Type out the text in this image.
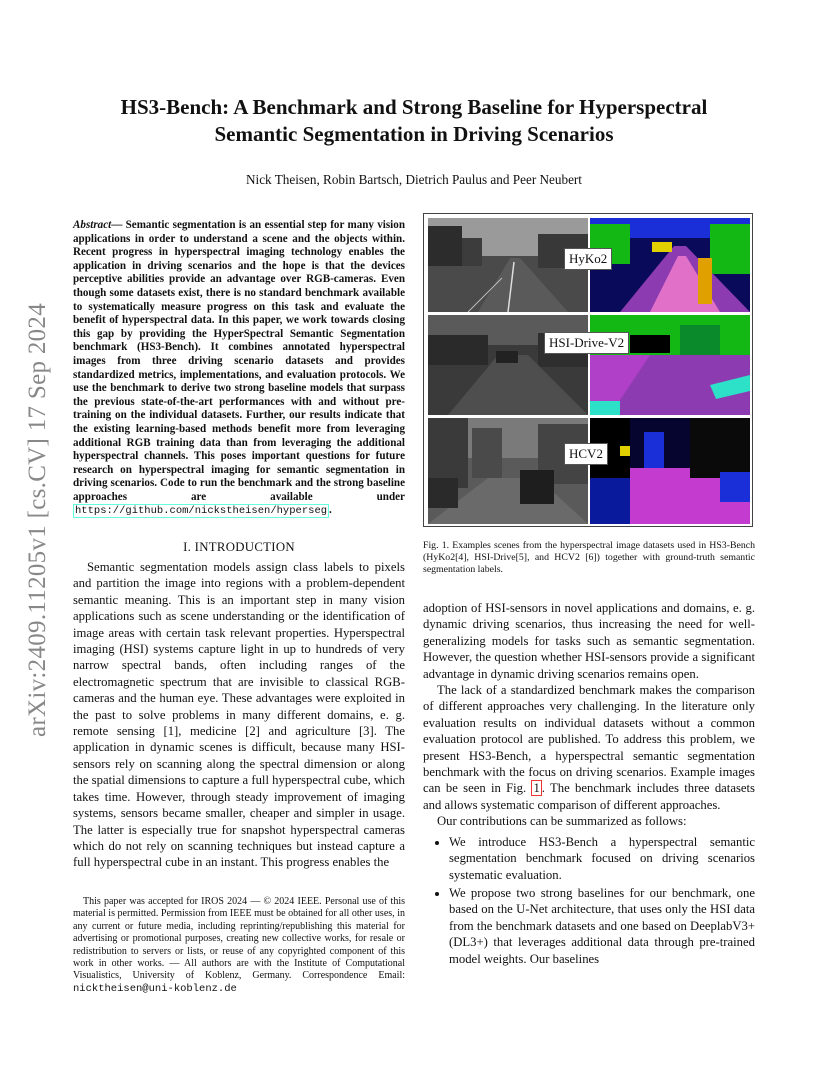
arXiv:2409.11205v1 [cs.CV] 17 Sep 2024
HS3-Bench: A Benchmark and Strong Baseline for Hyperspectral
Semantic Segmentation in Driving Scenarios
Nick Theisen, Robin Bartsch, Dietrich Paulus and Peer Neubert
Abstract— Semantic segmentation is an essential step for many vision applications in order to understand a scene and the objects within. Recent progress in hyperspectral imaging technology enables the application in driving scenarios and the hope is that the devices perceptive abilities provide an advantage over RGB-cameras. Even though some datasets exist, there is no standard benchmark available to systematically measure progress on this task and evaluate the benefit of hyperspectral data. In this paper, we work towards closing this gap by providing the HyperSpectral Semantic Segmentation benchmark (HS3-Bench). It combines annotated hyperspectral images from three driving scenario datasets and provides standardized metrics, implementations, and evaluation protocols. We use the benchmark to derive two strong baseline models that surpass the previous state-of-the-art performances with and without pre-training on the individual datasets. Further, our results indicate that the existing learning-based methods benefit more from leveraging additional RGB training data than from leveraging the additional hyperspectral channels. This poses important questions for future research on hyperspectral imaging for semantic segmentation in driving scenarios. Code to run the benchmark and the strong baseline approaches are available under https://github.com/nickstheisen/hyperseg .
I. INTRODUCTION

Semantic segmentation models assign class labels to pixels and partition the image into regions with a problem-dependent semantic meaning. This is an important step in many vision applications such as scene understanding or the identification of image areas with certain task relevant properties. Hyperspectral imaging (HSI) systems capture light in up to hundreds of very narrow spectral bands, often including ranges of the electromagnetic spectrum that are invisible to classical RGB-cameras and the human eye. These advantages were exploited in the past to solve problems in many different domains, e. g. remote sensing [1], medicine [2] and agriculture [3]. The application in dynamic scenes is difficult, because many HSI-sensors rely on scanning along the spectral dimension or along the spatial dimensions to capture a full hyperspectral cube, which takes time. However, through steady improvement of imaging systems, sensors became smaller, cheaper and simpler in usage. The latter is especially true for snapshot hyperspectral cameras which do not rely on scanning techniques but instead capture a full hyperspectral cube in an instant. This progress enables the

This paper was accepted for IROS 2024 — © 2024 IEEE. Personal use of this material is permitted. Permission from IEEE must be obtained for all other uses, in any current or future media, including reprinting/republishing this material for advertising or promotional purposes, creating new collective works, for resale or redistribution to servers or lists, or reuse of any copyrighted component of this work in other works. — All authors are with the Institute of Computational Visualistics, University of Koblenz, Germany. Correspondence Email: nicktheisen@uni-koblenz.de

HyKo2
HSI-Drive-V2
HCV2
Fig. 1. Examples scenes from the hyperspectral image datasets used in HS3-Bench (HyKo2[4], HSI-Drive[5], and HCV2 [6]) together with ground-truth semantic segmentation labels.

adoption of HSI-sensors in novel applications and domains, e. g. dynamic driving scenarios, thus increasing the need for well-generalizing models for tasks such as semantic segmentation. However, the question whether HSI-sensors provide a significant advantage in dynamic driving scenarios remains open.

The lack of a standardized benchmark makes the comparison of different approaches very challenging. In the literature only evaluation results on individual datasets without a common evaluation protocol are published. To address this problem, we present HS3-Bench, a hyperspectral semantic segmentation benchmark with the focus on driving scenarios. Example images can be seen in Fig. 1 . The benchmark includes three datasets and allows systematic comparison of different approaches.

Our contributions can be summarized as follows:

• We introduce HS3-Bench a hyperspectral semantic segmentation benchmark focused on driving scenarios systematic evaluation.
• We propose two strong baselines for our benchmark, one based on the U-Net architecture, that uses only the HSI data from the benchmark datasets and one based on DeeplabV3+ (DL3+) that leverages additional data through pre-trained model weights. Our baselines
